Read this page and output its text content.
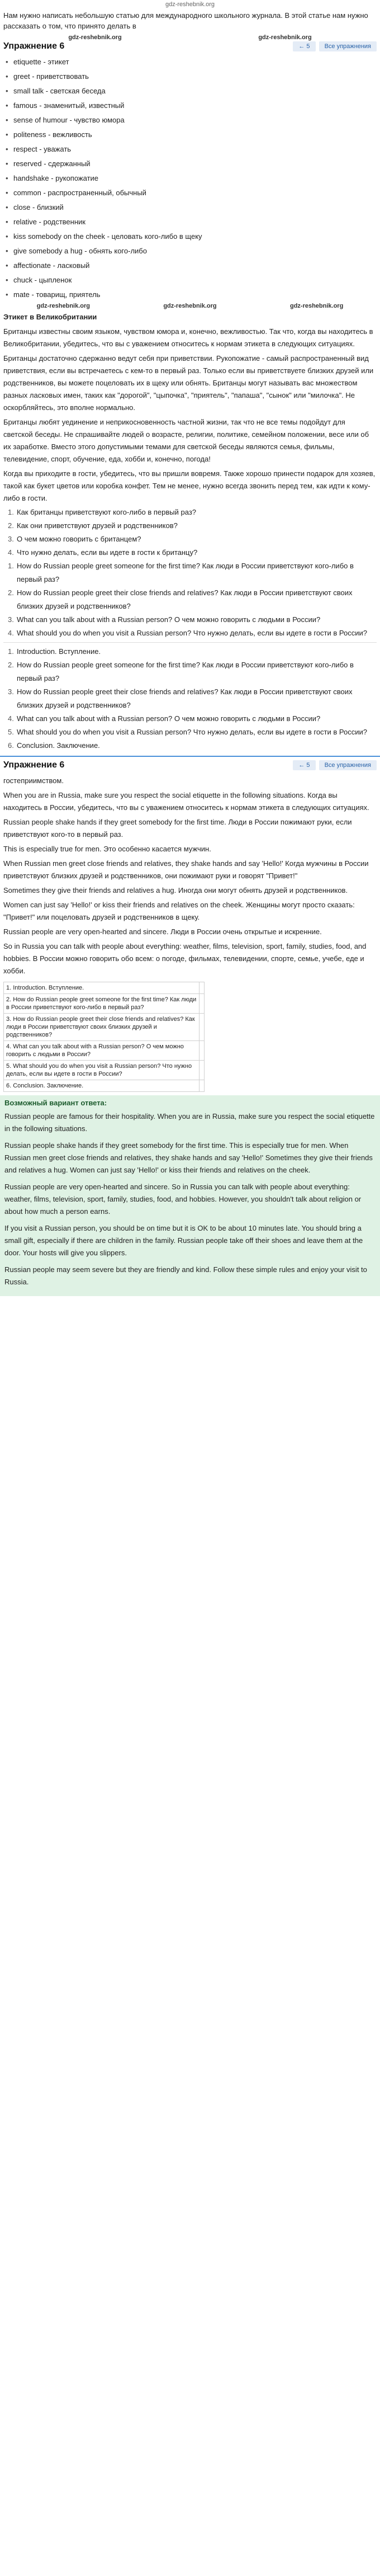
gdz-reshebnik.org
Нам нужно написать небольшую статью для международного школьного журнала. В этой статье нам нужно рассказать о том, что принято делать в
gdz-reshebnik.org	gdz-reshebnik.org
Упражнение 6	← 5	Все упражнения
• etiquette - этикет
• greet - приветствовать
• small talk - светская беседа
• famous - знаменитый, известный
• sense of humour - чувство юмора
• politeness - вежливость
• respect - уважать
• reserved - сдержанный
• handshake - рукопожатие
• common - распространенный, обычный
• close - близкий
• relative - родственник
• kiss somebody on the cheek - целовать кого-либо в щеку
• give somebody a hug - обнять кого-либо
• affectionate - ласковый
• chuck - цыпленок
• mate - товарищ, приятель
gdz-reshebnik.org	gdz-reshebnik.org	gdz-reshebnik.org
Этикет в Великобритании
Британцы известны своим языком, чувством юмора и, конечно, вежливостью. Так что, когда вы находитесь в Великобритании, убедитесь, что вы с уважением относитесь к нормам этикета в следующих ситуациях.
Британцы достаточно сдержанно ведут себя при приветствии. Рукопожатие - самый распространенный вид приветствия, если вы встречаетесь с кем-то в первый раз. Только если вы приветствуете близких друзей или родственников, вы можете поцеловать их в щеку или обнять. Британцы могут называть вас множеством разных ласковых имен, таких как "дорогой", "цыпочка", "приятель", "папаша", "сынок" или "милочка". Не оскорбляйтесь, это вполне нормально.
Британцы любят уединение и неприкосновенность частной жизни, так что не все темы подойдут для светской беседы. Не спрашивайте людей о возрасте, религии, политике, семейном положении, весе или об их заработке. Вместо этого допустимыми темами для светской беседы являются семья, фильмы, телевидение, спорт, обучение, еда, хобби и, конечно, погода!
Когда вы приходите в гости, убедитесь, что вы пришли вовремя. Также хорошо принести подарок для хозяев, такой как букет цветов или коробка конфет. Тем не менее, нужно всегда звонить перед тем, как идти к кому-либо в гости.
1. Как британцы приветствуют кого-либо в первый раз?
2. Как они приветствуют друзей и родственников?
3. О чем можно говорить с британцем?
4. Что нужно делать, если вы идете в гости к британцу?
1. How do Russian people greet someone for the first time? Как люди в России приветствуют кого-либо в первый раз?
2. How do Russian people greet their close friends and relatives? Как люди в России приветствуют своих близких друзей и родственников?
3. What can you talk about with a Russian person? О чем можно говорить с людьми в России?
4. What should you do when you visit a Russian person? Что нужно делать, если вы идете в гости в России?
1. Introduction. Вступление.
2. How do Russian people greet someone for the first time? Как люди в России приветствуют кого-либо в первый раз?
3. How do Russian people greet their close friends and relatives? Как люди в России приветствуют своих близких друзей и родственников?
4. What can you talk about with a Russian person? О чем можно говорить с людьми в России?
5. What should you do when you visit a Russian person? Что нужно делать, если вы идете в гости в России?
6. Conclusion. Заключение.
Упражнение 6	← 5	Все упражнения
гостеприимством.
When you are in Russia, make sure you respect the social etiquette in the following situations. Когда вы находитесь в России, убедитесь, что вы с уважением относитесь к нормам этикета в следующих ситуациях.
Russian people shake hands if they greet somebody for the first time. Люди в России пожимают руки, если приветствуют кого-то в первый раз.
This is especially true for men. Это особенно касается мужчин.
When Russian men greet close friends and relatives, they shake hands and say 'Hello!' Когда мужчины в России приветствуют близких друзей и родственников, они пожимают руки и говорят "Привет!"
Sometimes they give their friends and relatives a hug. Иногда они могут обнять друзей и родственников.
Women can just say 'Hello!' or kiss their friends and relatives on the cheek. Женщины могут просто сказать: "Привет!" или поцеловать друзей и родственников в щеку.
Russian people are very open-hearted and sincere. Люди в России очень открытые и искренние.
So in Russia you can talk with people about everything: weather, films, television, sport, family, studies, food, and hobbies. В России можно говорить обо всем: о погоде, фильмах, телевидении, спорте, семье, учебе, еде и хобби.
1. Introduction. Вступление.	
2. How do Russian people greet someone for the first time? Как люди в России приветствуют кого-либо в первый раз?	
3. How do Russian people greet their close friends and relatives? Как люди в России приветствуют своих близких друзей и родственников?	
4. What can you talk about with a Russian person? О чем можно говорить с людьми в России?	
5. What should you do when you visit a Russian person? Что нужно делать, если вы идете в гости в России?	
6. Conclusion. Заключение.	
Возможный вариант ответа:

Russian people are famous for their hospitality. When you are in Russia, make sure you respect the social etiquette in the following situations.

Russian people shake hands if they greet somebody for the first time. This is especially true for men. When Russian men greet close friends and relatives, they shake hands and say 'Hello!' Sometimes they give their friends and relatives a hug. Women can just say 'Hello!' or kiss their friends and relatives on the cheek.

Russian people are very open-hearted and sincere. So in Russia you can talk with people about everything: weather, films, television, sport, family, studies, food, and hobbies. However, you shouldn't talk about religion or about how much a person earns.

If you visit a Russian person, you should be on time but it is OK to be about 10 minutes late. You should bring a small gift, especially if there are children in the family. Russian people take off their shoes and leave them at the door. Your hosts will give you slippers.

Russian people may seem severe but they are friendly and kind. Follow these simple rules and enjoy your visit to Russia.
